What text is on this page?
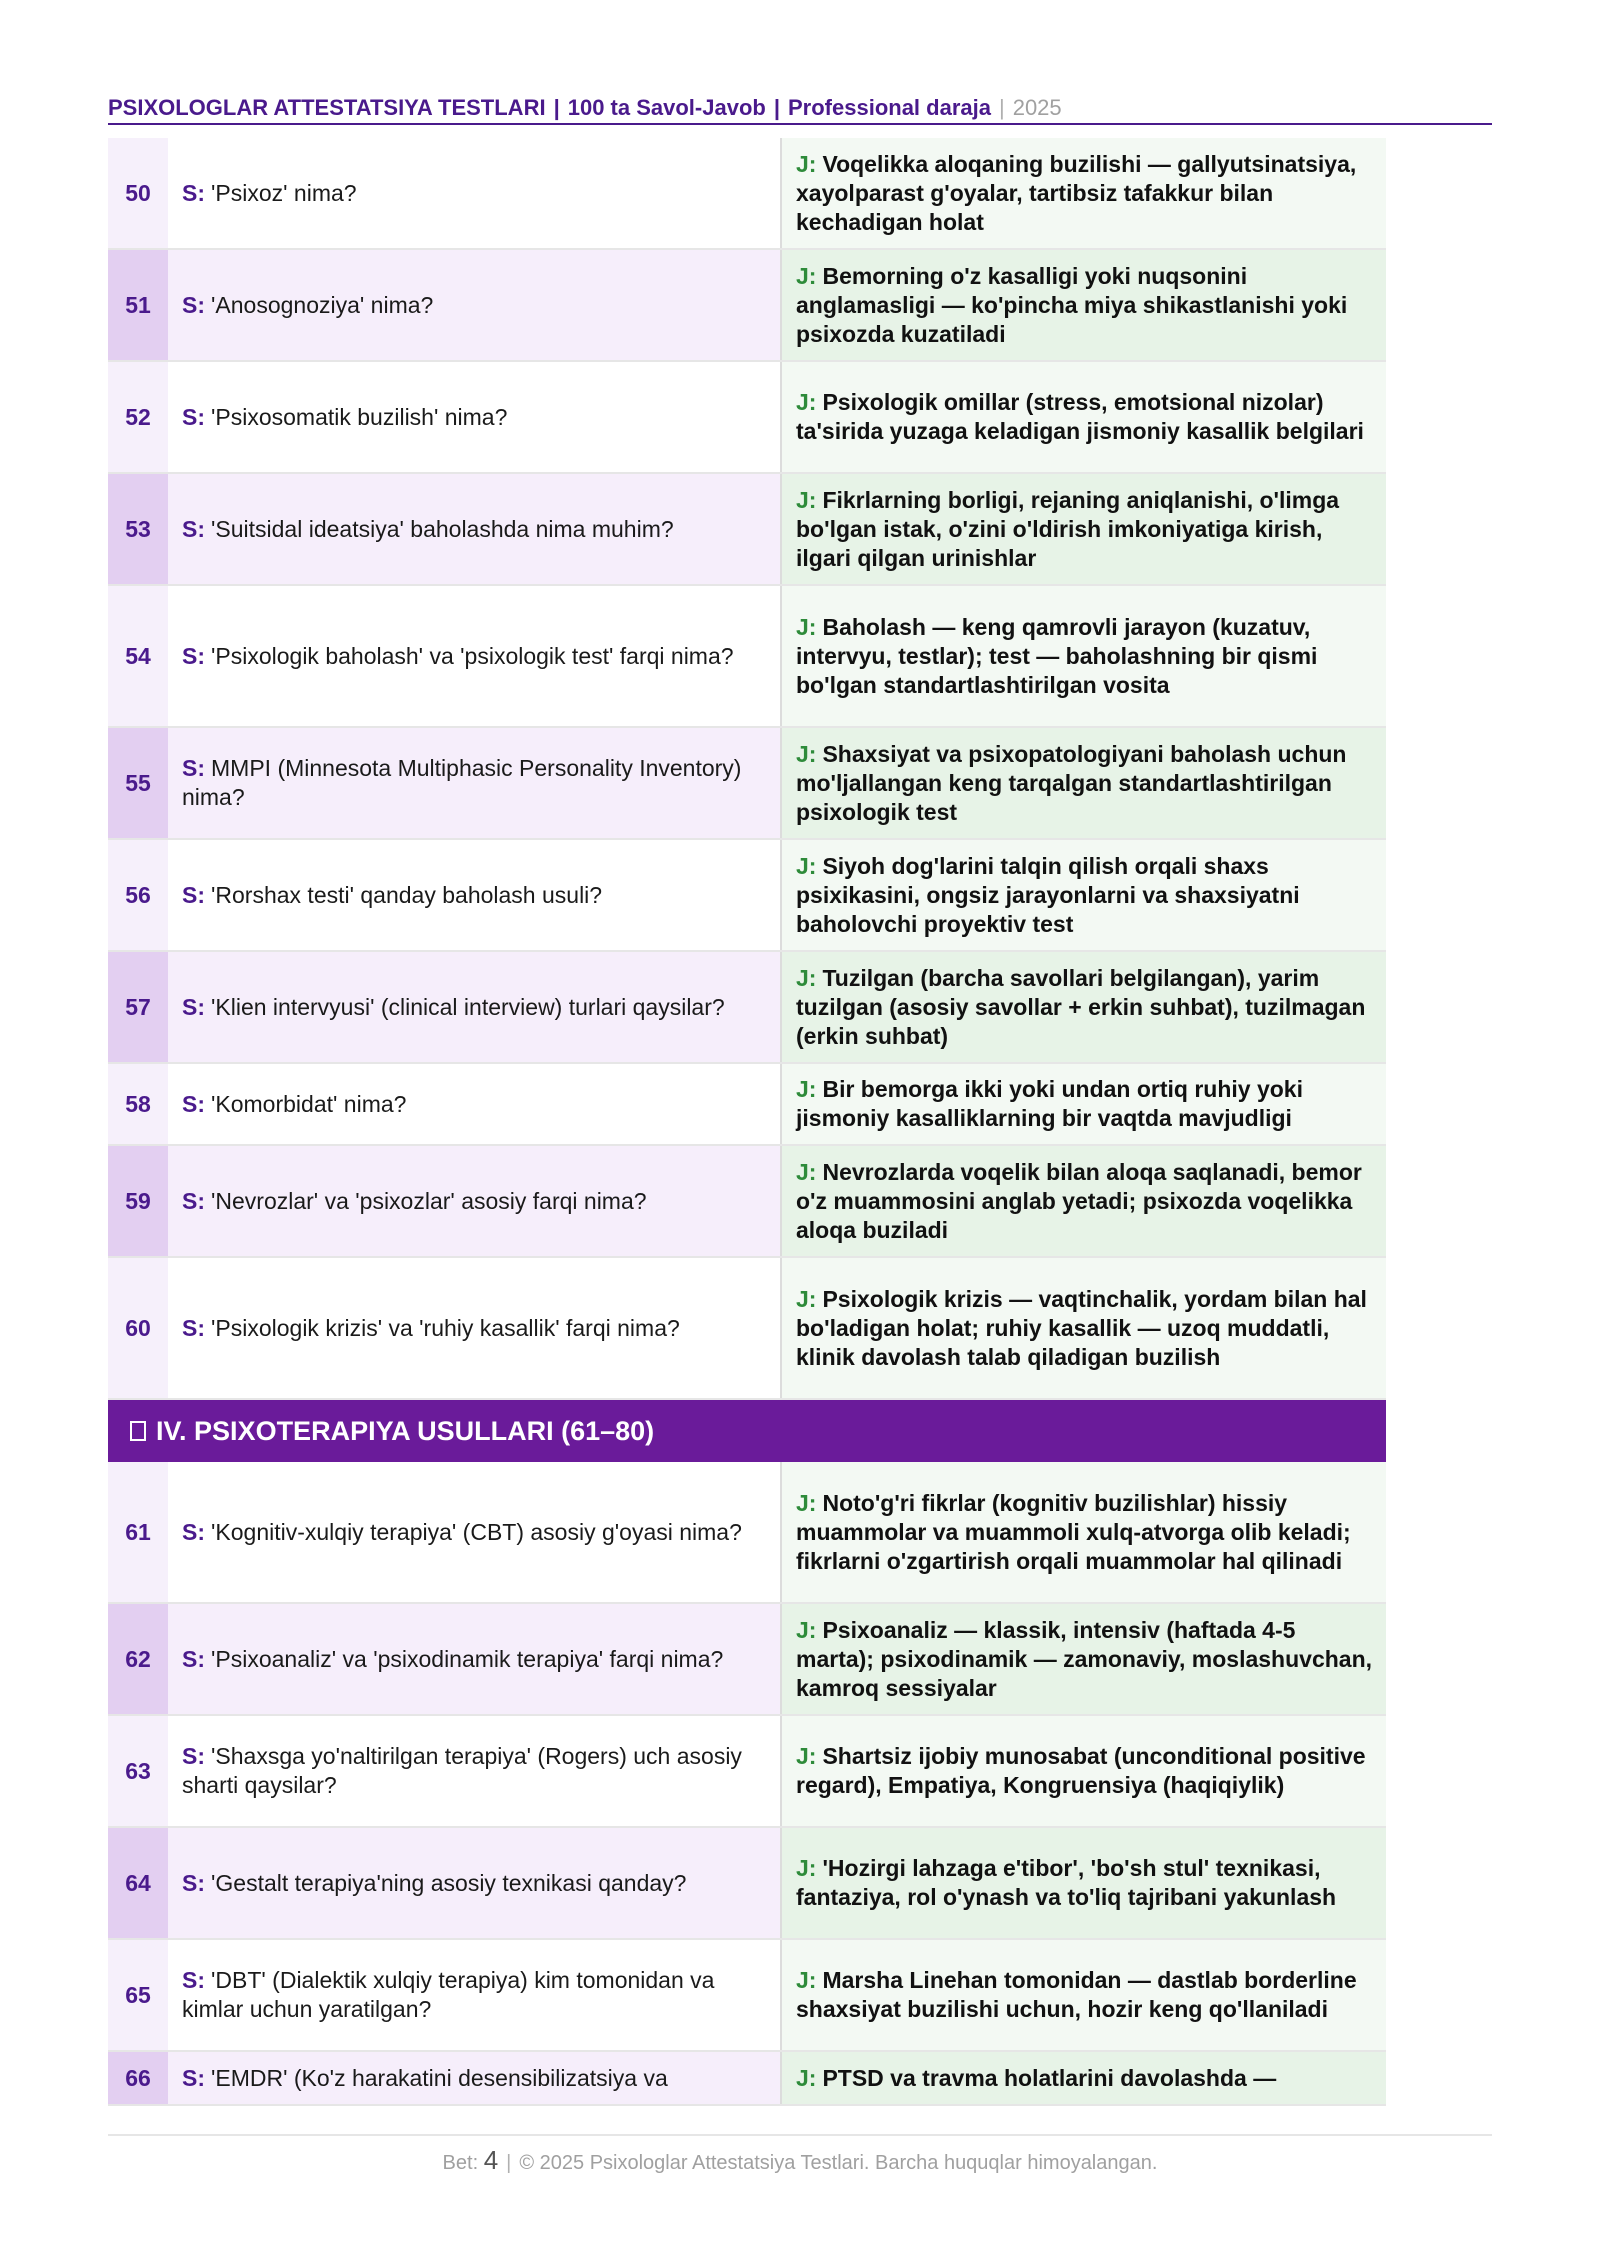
PSIXOLOGLAR ATTESTATSIYA TESTLARI | 100 ta Savol-Javob | Professional daraja | 2025
50	S: 'Psixoz' nima?
J: Voqelikka aloqaning buzilishi — gallyutsinatsiya, xayolparast g'oyalar, tartibsiz tafakkur bilan kechadigan holat
51	S: 'Anosognoziya' nima?
J: Bemorning o'z kasalligi yoki nuqsonini anglamasligi — ko'pincha miya shikastlanishi yoki psixozda kuzatiladi
52	S: 'Psixosomatik buzilish' nima?
J: Psixologik omillar (stress, emotsional nizolar) ta'sirida yuzaga keladigan jismoniy kasallik belgilari
53	S: 'Suitsidal ideatsiya' baholashda nima muhim?
J: Fikrlarning borligi, rejaning aniqlanishi, o'limga bo'lgan istak, o'zini o'ldirish imkoniyatiga kirish, ilgari qilgan urinishlar
54	S: 'Psixologik baholash' va 'psixologik test' farqi nima?
J: Baholash — keng qamrovli jarayon (kuzatuv, intervyu, testlar); test — baholashning bir qismi bo'lgan standartlashtirilgan vosita
55
S: MMPI (Minnesota Multiphasic Personality Inventory) nima?
J: Shaxsiyat va psixopatologiyani baholash uchun mo'ljallangan keng tarqalgan standartlashtirilgan psixologik test
56	S: 'Rorshax testi' qanday baholash usuli?
J: Siyoh dog'larini talqin qilish orqali shaxs psixikasini, ongsiz jarayonlarni va shaxsiyatni baholovchi proyektiv test
57	S: 'Klien intervyusi' (clinical interview) turlari qaysilar?
J: Tuzilgan (barcha savollari belgilangan), yarim tuzilgan (asosiy savollar + erkin suhbat), tuzilmagan (erkin suhbat)
58	S: 'Komorbidat' nima?
J: Bir bemorga ikki yoki undan ortiq ruhiy yoki jismoniy kasalliklarning bir vaqtda mavjudligi
59	S: 'Nevrozlar' va 'psixozlar' asosiy farqi nima?
J: Nevrozlarda voqelik bilan aloqa saqlanadi, bemor o'z muammosini anglab yetadi; psixozda voqelikka aloqa buziladi
60	S: 'Psixologik krizis' va 'ruhiy kasallik' farqi nima?
J: Psixologik krizis — vaqtinchalik, yordam bilan hal bo'ladigan holat; ruhiy kasallik — uzoq muddatli, klinik davolash talab qiladigan buzilish
IV. PSIXOTERAPIYA USULLARI (61–80)
61	S: 'Kognitiv-xulqiy terapiya' (CBT) asosiy g'oyasi nima?
J: Noto'g'ri fikrlar (kognitiv buzilishlar) hissiy muammolar va muammoli xulq-atvorga olib keladi; fikrlarni o'zgartirish orqali muammolar hal qilinadi
62	S: 'Psixoanaliz' va 'psixodinamik terapiya' farqi nima?
J: Psixoanaliz — klassik, intensiv (haftada 4-5 marta); psixodinamik — zamonaviy, moslashuvchan, kamroq sessiyalar
63
S: 'Shaxsga yo'naltirilgan terapiya' (Rogers) uch asosiy sharti qaysilar?
J: Shartsiz ijobiy munosabat (unconditional positive regard), Empatiya, Kongruensiya (haqiqiylik)
64	S: 'Gestalt terapiya'ning asosiy texnikasi qanday?
J: 'Hozirgi lahzaga e'tibor', 'bo'sh stul' texnikasi, fantaziya, rol o'ynash va to'liq tajribani yakunlash
65
S: 'DBT' (Dialektik xulqiy terapiya) kim tomonidan va kimlar uchun yaratilgan?
J: Marsha Linehan tomonidan — dastlab borderline shaxsiyat buzilishi uchun, hozir keng qo'llaniladi
66	S: 'EMDR' (Ko'z harakatini desensibilizatsiya va	J: PTSD va travma holatlarini davolashda —
Bet: 4 | © 2025 Psixologlar Attestatsiya Testlari. Barcha huquqlar himoyalangan.
